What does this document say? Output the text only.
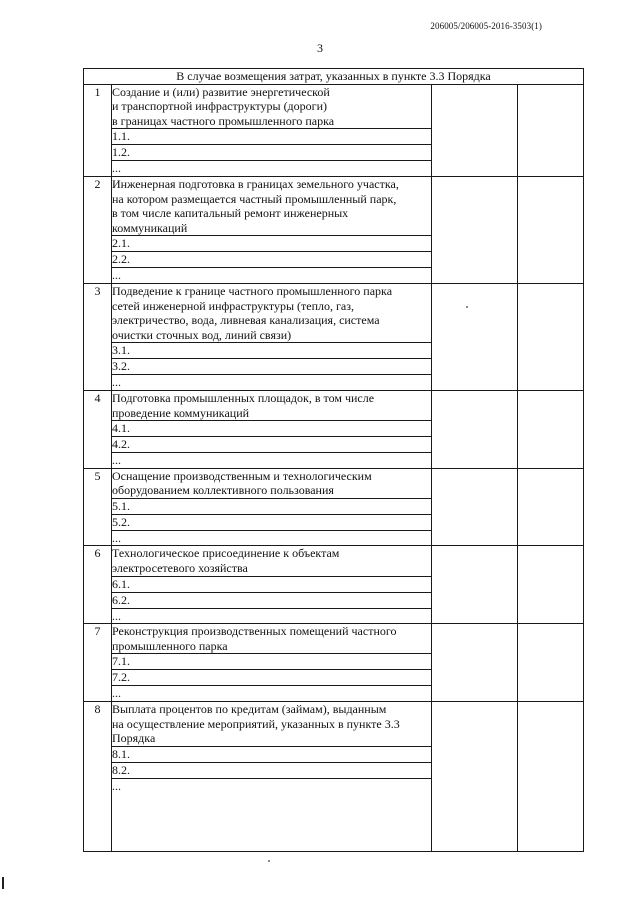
206005/206005-2016-3503(1)
3
В случае возмещения затрат, указанных в пункте 3.3 Порядка			
1	Создание и (или) развитие энергетической
и транспортной инфраструктуры (дороги)
в границах частного промышленного парка		

	1.1.		
	1.2.		
	...		
2	Инженерная подготовка в границах земельного участка,
на котором размещается частный промышленный парк,
в том числе капитальный ремонт инженерных
коммуникаций		

	2.1.		
	2.2.		
	...		
3	Подведение к границе частного промышленного парка
сетей инженерной инфраструктуры (тепло, газ,
электричество, вода, ливневая канализация, система
очистки сточных вод, линий связи)		

	3.1.		
	3.2.		
	...		
4	Подготовка промышленных площадок, в том числе
проведение коммуникаций		

	4.1.		
	4.2.		
	...		
5	Оснащение производственным и технологическим
оборудованием коллективного пользования		

	5.1.		
	5.2.		
	...		
6	Технологическое присоединение к объектам
электросетевого хозяйства		

	6.1.		
	6.2.		
	...		
7	Реконструкция производственных помещений частного
промышленного парка		

	7.1.		
	7.2.		
	...		
8	Выплата процентов по кредитам (займам), выданным
на осуществление мероприятий, указанных в пункте 3.3
Порядка		

	8.1.		
	8.2.		
	...		
